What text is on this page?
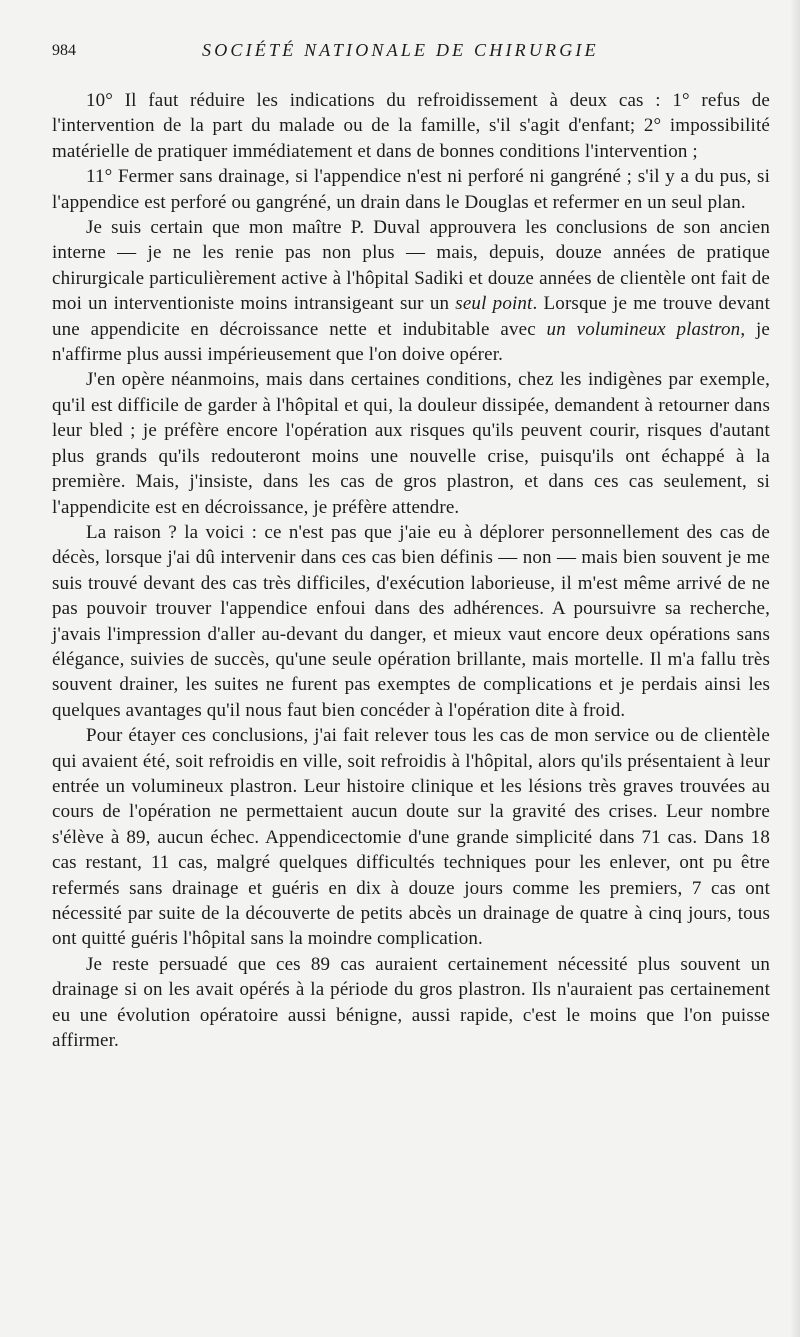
984	SOCIÉTÉ NATIONALE DE CHIRURGIE

10° Il faut réduire les indications du refroidissement à deux cas : 1° refus de l'intervention de la part du malade ou de la famille, s'il s'agit d'enfant; 2° impossibilité matérielle de pratiquer immédiatement et dans de bonnes conditions l'intervention ;

11° Fermer sans drainage, si l'appendice n'est ni perforé ni gangréné ; s'il y a du pus, si l'appendice est perforé ou gangréné, un drain dans le Douglas et refermer en un seul plan.

Je suis certain que mon maître P. Duval approuvera les conclusions de son ancien interne — je ne les renie pas non plus — mais, depuis, douze années de pratique chirurgicale particulièrement active à l'hôpital Sadiki et douze années de clientèle ont fait de moi un interventioniste moins intransigeant sur un seul point. Lorsque je me trouve devant une appendicite en décroissance nette et indubitable avec un volumineux plastron, je n'affirme plus aussi impérieusement que l'on doive opérer.

J'en opère néanmoins, mais dans certaines conditions, chez les indigènes par exemple, qu'il est difficile de garder à l'hôpital et qui, la douleur dissipée, demandent à retourner dans leur bled ; je préfère encore l'opération aux risques qu'ils peuvent courir, risques d'autant plus grands qu'ils redouteront moins une nouvelle crise, puisqu'ils ont échappé à la première. Mais, j'insiste, dans les cas de gros plastron, et dans ces cas seulement, si l'appendicite est en décroissance, je préfère attendre.

La raison ? la voici : ce n'est pas que j'aie eu à déplorer personnellement des cas de décès, lorsque j'ai dû intervenir dans ces cas bien définis — non — mais bien souvent je me suis trouvé devant des cas très difficiles, d'exécution laborieuse, il m'est même arrivé de ne pas pouvoir trouver l'appendice enfoui dans des adhérences. A poursuivre sa recherche, j'avais l'impression d'aller au-devant du danger, et mieux vaut encore deux opérations sans élégance, suivies de succès, qu'une seule opération brillante, mais mortelle. Il m'a fallu très souvent drainer, les suites ne furent pas exemptes de complications et je perdais ainsi les quelques avantages qu'il nous faut bien concéder à l'opération dite à froid.

Pour étayer ces conclusions, j'ai fait relever tous les cas de mon service ou de clientèle qui avaient été, soit refroidis en ville, soit refroidis à l'hôpital, alors qu'ils présentaient à leur entrée un volumineux plastron. Leur histoire clinique et les lésions très graves trouvées au cours de l'opération ne permettaient aucun doute sur la gravité des crises. Leur nombre s'élève à 89, aucun échec. Appendicectomie d'une grande simplicité dans 71 cas. Dans 18 cas restant, 11 cas, malgré quelques difficultés techniques pour les enlever, ont pu être refermés sans drainage et guéris en dix à douze jours comme les premiers, 7 cas ont nécessité par suite de la découverte de petits abcès un drainage de quatre à cinq jours, tous ont quitté guéris l'hôpital sans la moindre complication.

Je reste persuadé que ces 89 cas auraient certainement nécessité plus souvent un drainage si on les avait opérés à la période du gros plastron. Ils n'auraient pas certainement eu une évolution opératoire aussi bénigne, aussi rapide, c'est le moins que l'on puisse affirmer.
